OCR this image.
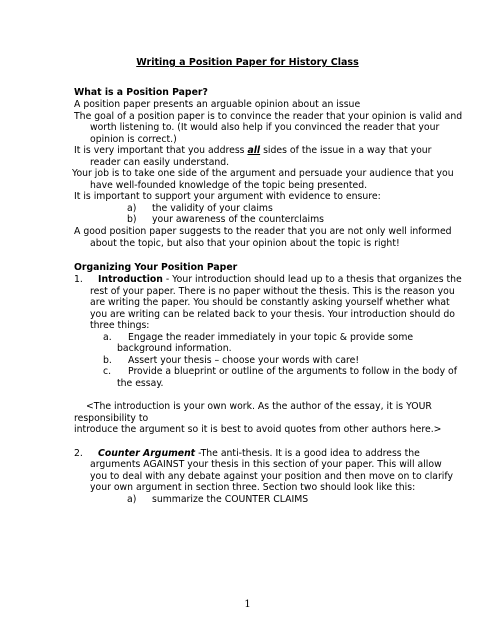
Writing a Position Paper for History Class
What is a Position Paper?
A position paper presents an arguable opinion about an issue
The goal of a position paper is to convince the reader that your opinion is valid and
worth listening to. (It would also help if you convinced the reader that your
opinion is correct.)
It is very important that you address all sides of the issue in a way that your
reader can easily understand.
Your job is to take one side of the argument and persuade your audience that you
have well-founded knowledge of the topic being presented.
It is important to support your argument with evidence to ensure:
a) the validity of your claims
b) your awareness of the counterclaims
A good position paper suggests to the reader that you are not only well informed
about the topic, but also that your opinion about the topic is right!
Organizing Your Position Paper
1. Introduction - Your introduction should lead up to a thesis that organizes the
rest of your paper. There is no paper without the thesis. This is the reason you
are writing the paper. You should be constantly asking yourself whether what
you are writing can be related back to your thesis. Your introduction should do
three things:
a. Engage the reader immediately in your topic & provide some
background information.
b. Assert your thesis – choose your words with care!
c. Provide a blueprint or outline of the arguments to follow in the body of
the essay.
<The introduction is your own work. As the author of the essay, it is YOUR
responsibility to
introduce the argument so it is best to avoid quotes from other authors here.>
2. Counter Argument -The anti-thesis. It is a good idea to address the
arguments AGAINST your thesis in this section of your paper. This will allow
you to deal with any debate against your position and then move on to clarify
your own argument in section three. Section two should look like this:
a) summarize the COUNTER CLAIMS
1
